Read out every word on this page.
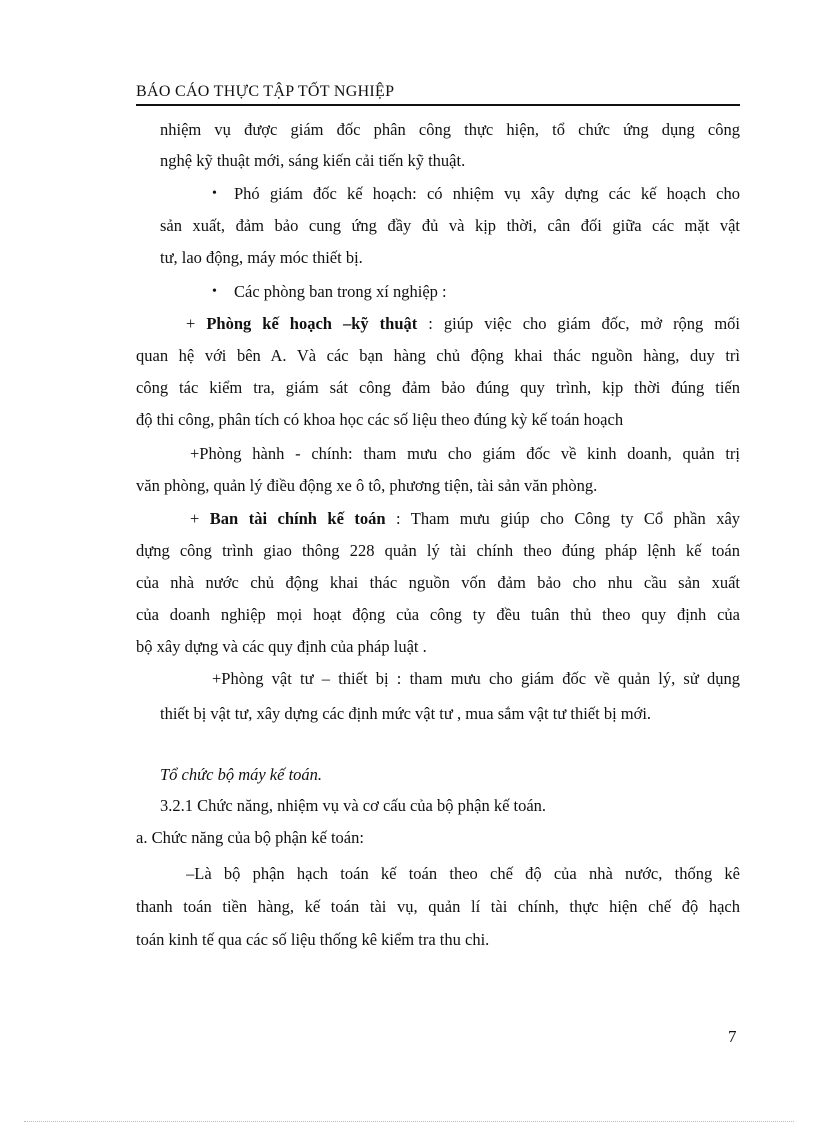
BÁO CÁO THỰC TẬP TỐT NGHIỆP
nhiệm vụ được giám đốc phân công thực hiện, tổ chức ứng dụng công
nghệ kỹ thuật mới, sáng kiến cải tiến kỹ thuật.
• Phó giám đốc kế hoạch: có nhiệm vụ xây dựng các kế hoạch cho
sản xuất, đảm bảo cung ứng đầy đủ và kịp thời, cân đối giữa các mặt vật
tư, lao động, máy móc thiết bị.
• Các phòng ban trong xí nghiệp :
+ Phòng kế hoạch –kỹ thuật : giúp việc cho giám đốc, mở rộng mối
quan hệ với bên A. Và các bạn hàng chủ động khai thác nguồn hàng, duy trì
công tác kiểm tra, giám sát công đảm bảo đúng quy trình, kịp thời đúng tiến
độ thi công, phân tích có khoa học các số liệu theo đúng kỳ kế toán hoạch
+Phòng hành - chính: tham mưu cho giám đốc về kinh doanh, quản trị
văn phòng, quản lý điều động xe ô tô, phương tiện, tài sản văn phòng.
+ Ban tài chính kế toán : Tham mưu giúp cho Công ty Cổ phần xây
dựng công trình giao thông 228 quản lý tài chính theo đúng pháp lệnh kế toán
của nhà nước chủ động khai thác nguồn vốn đảm bảo cho nhu cầu sản xuất
của doanh nghiệp mọi hoạt động của công ty đều tuân thủ theo quy định của
bộ xây dựng và các quy định của pháp luật .
+Phòng vật tư – thiết bị : tham mưu cho giám đốc về quản lý, sử dụng
thiết bị vật tư, xây dựng các định mức vật tư , mua sắm vật tư thiết bị mới.
Tổ chức bộ máy kế toán.
3.2.1 Chức năng, nhiệm vụ và cơ cấu của bộ phận kế toán.
a. Chức năng của bộ phận kế toán:
–Là bộ phận hạch toán kế toán theo chế độ của nhà nước, thống kê
thanh toán tiền hàng, kế toán tài vụ, quản lí tài chính, thực hiện chế độ hạch
toán kinh tế qua các số liệu thống kê kiểm tra thu chi.
7
